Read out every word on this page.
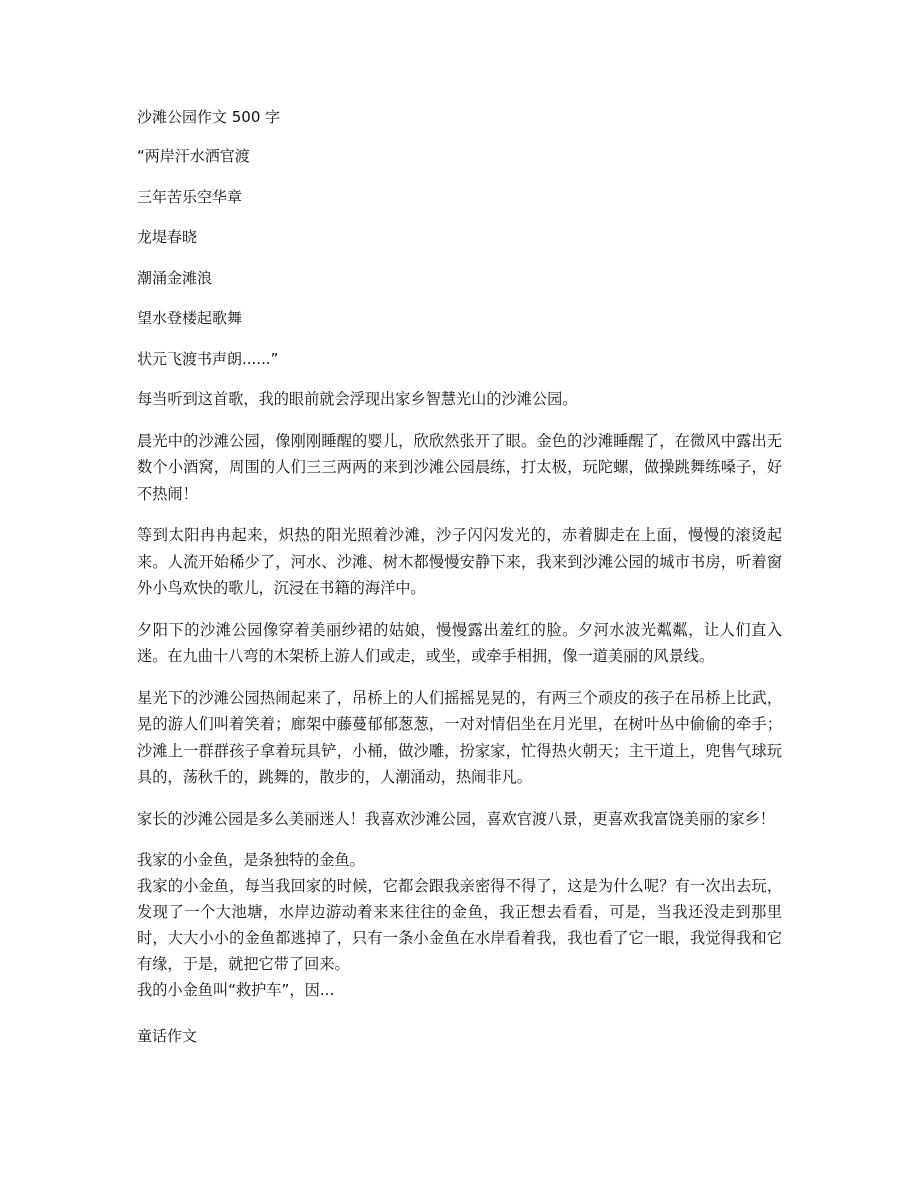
沙滩公园作文 500 字
“两岸汗水洒官渡
三年苦乐空华章
龙堤春晓
潮涌金滩浪
望水登楼起歌舞
状元飞渡书声朗......”
每当听到这首歌，我的眼前就会浮现出家乡智慧光山的沙滩公园。
晨光中的沙滩公园，像刚刚睡醒的婴儿，欣欣然张开了眼。金色的沙滩睡醒了，在微风中露出无数个小酒窝，周围的人们三三两两的来到沙滩公园晨练，打太极，玩陀螺，做操跳舞练嗓子，好不热闹！
等到太阳冉冉起来，炽热的阳光照着沙滩，沙子闪闪发光的，赤着脚走在上面，慢慢的滚烫起来。人流开始稀少了，河水、沙滩、树木都慢慢安静下来，我来到沙滩公园的城市书房，听着窗外小鸟欢快的歌儿，沉浸在书籍的海洋中。
夕阳下的沙滩公园像穿着美丽纱裙的姑娘，慢慢露出羞红的脸。夕河水波光粼粼，让人们直入迷。在九曲十八弯的木架桥上游人们或走，或坐，或牵手相拥，像一道美丽的风景线。
星光下的沙滩公园热闹起来了，吊桥上的人们摇摇晃晃的，有两三个顽皮的孩子在吊桥上比武，晃的游人们叫着笑着；廊架中藤蔓郁郁葱葱，一对对情侣坐在月光里，在树叶丛中偷偷的牵手；沙滩上一群群孩子拿着玩具铲，小桶，做沙雕，扮家家，忙得热火朝天；主干道上，兜售气球玩具的，荡秋千的，跳舞的，散步的，人潮涌动，热闹非凡。
家长的沙滩公园是多么美丽迷人！我喜欢沙滩公园，喜欢官渡八景，更喜欢我富饶美丽的家乡！

我家的小金鱼，是条独特的金鱼。

我家的小金鱼，每当我回家的时候，它都会跟我亲密得不得了，这是为什么呢？有一次出去玩，发现了一个大池塘，水岸边游动着来来往往的金鱼，我正想去看看，可是，当我还没走到那里时，大大小小的金鱼都逃掉了，只有一条小金鱼在水岸看着我，我也看了它一眼，我觉得我和它有缘，于是，就把它带了回来。

我的小金鱼叫“救护车”，因...

童话作文
